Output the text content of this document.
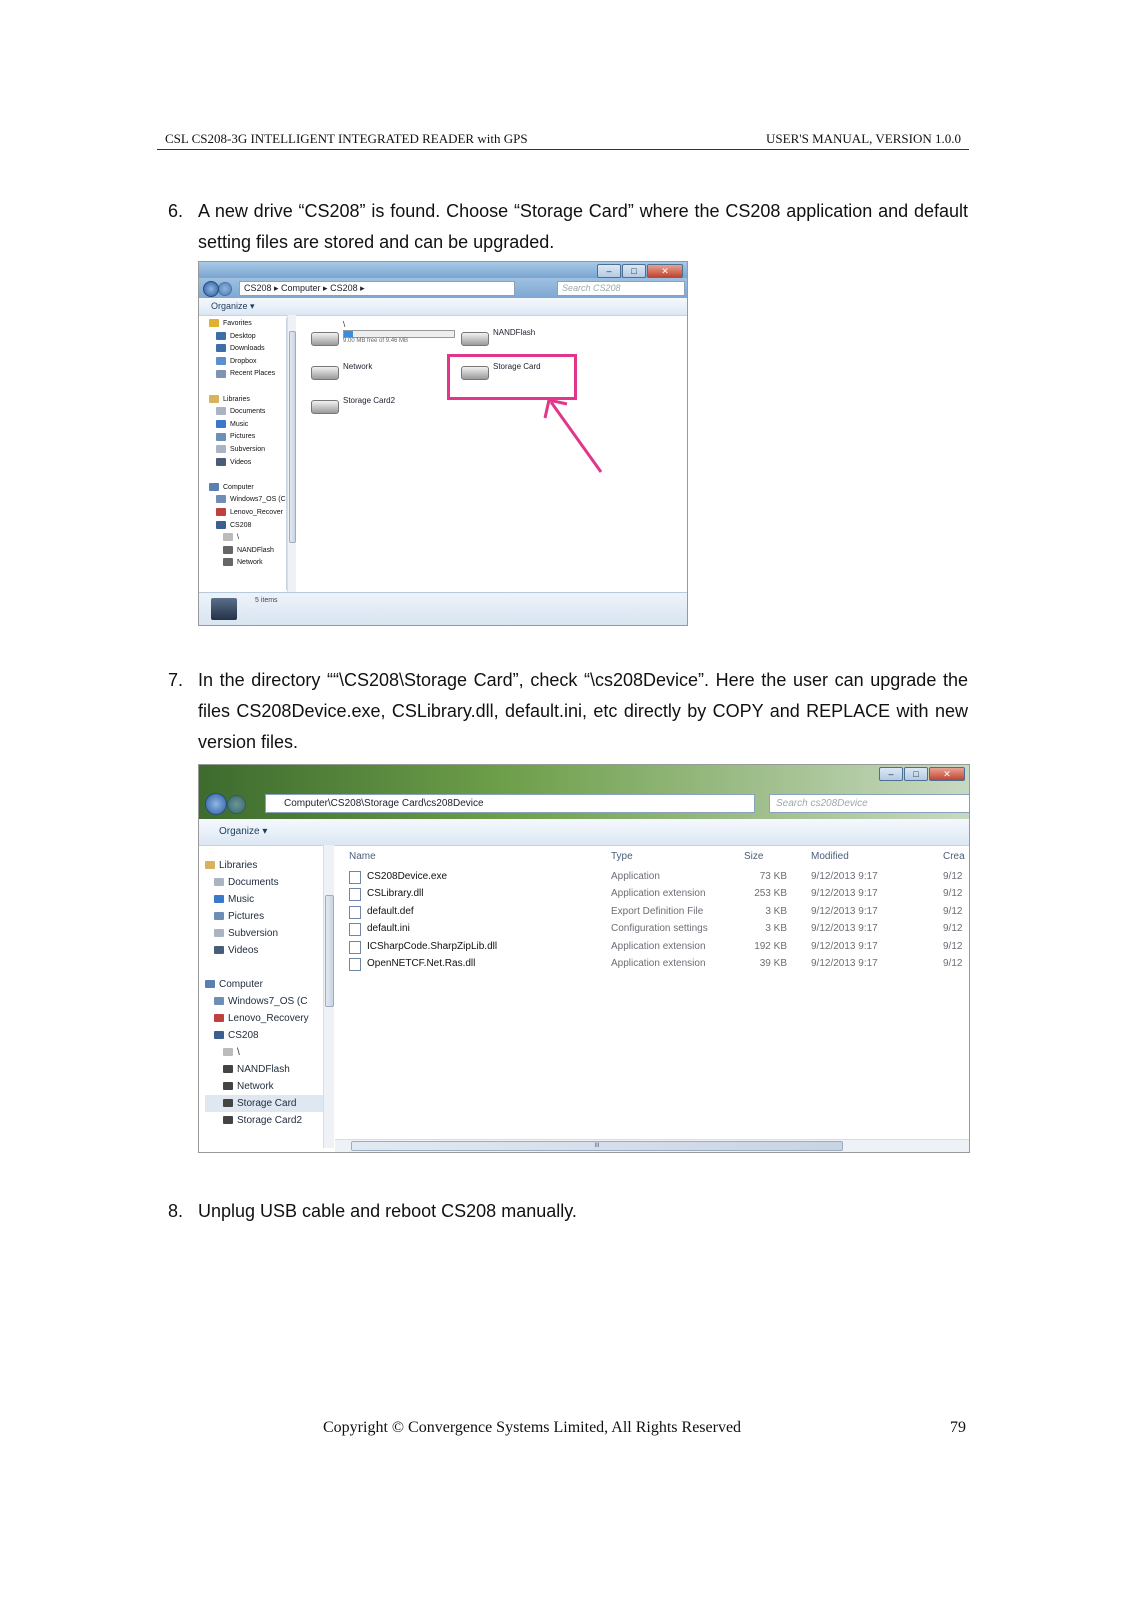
CSL CS208-3G INTELLIGENT INTEGRATED READER with GPS	USER'S MANUAL, VERSION 1.0.0
6. A new drive “CS208” is found. Choose “Storage Card” where the CS208 application and default setting files are stored and can be upgraded.
–	□	✕
CS208 ▸ Computer ▸ CS208 ▸	Search CS208
Organize ▾
Favorites
Desktop
Downloads
Dropbox
Recent Places

Libraries
Documents
Music
Pictures
Subversion
Videos

Computer
Windows7_OS (C
Lenovo_Recover
CS208
\
NANDFlash
Network
\
9.00 MB free of 9.46 MB
NANDFlash
Network	Storage Card
Storage Card2
5 items
7. In the directory ““\CS208\Storage Card”, check “\cs208Device”. Here the user can upgrade the files CS208Device.exe, CSLibrary.dll, default.ini, etc directly by COPY and REPLACE with new version files.
–	□	✕
Computer\CS208\Storage Card\cs208Device	Search cs208Device
Organize ▾
Libraries
Documents
Music
Pictures
Subversion
Videos

Computer
Windows7_OS (C
Lenovo_Recovery
CS208
\
NANDFlash
Network
Storage Card
Storage Card2
Name	Type	Size	Modified	Crea
CS208Device.exe	Application	73 KB 9/12/2013 9:17	9/12
CSLibrary.dll	Application extension	253 KB 9/12/2013 9:17	9/12
default.def	Export Definition File	3 KB 9/12/2013 9:17	9/12
default.ini	Configuration settings	3 KB 9/12/2013 9:17	9/12
ICSharpCode.SharpZipLib.dll	Application extension	192 KB 9/12/2013 9:17	9/12
OpenNETCF.Net.Ras.dll	Application extension	39 KB 9/12/2013 9:17	9/12
III
8. Unplug USB cable and reboot CS208 manually.
Copyright © Convergence Systems Limited, All Rights Reserved	79
